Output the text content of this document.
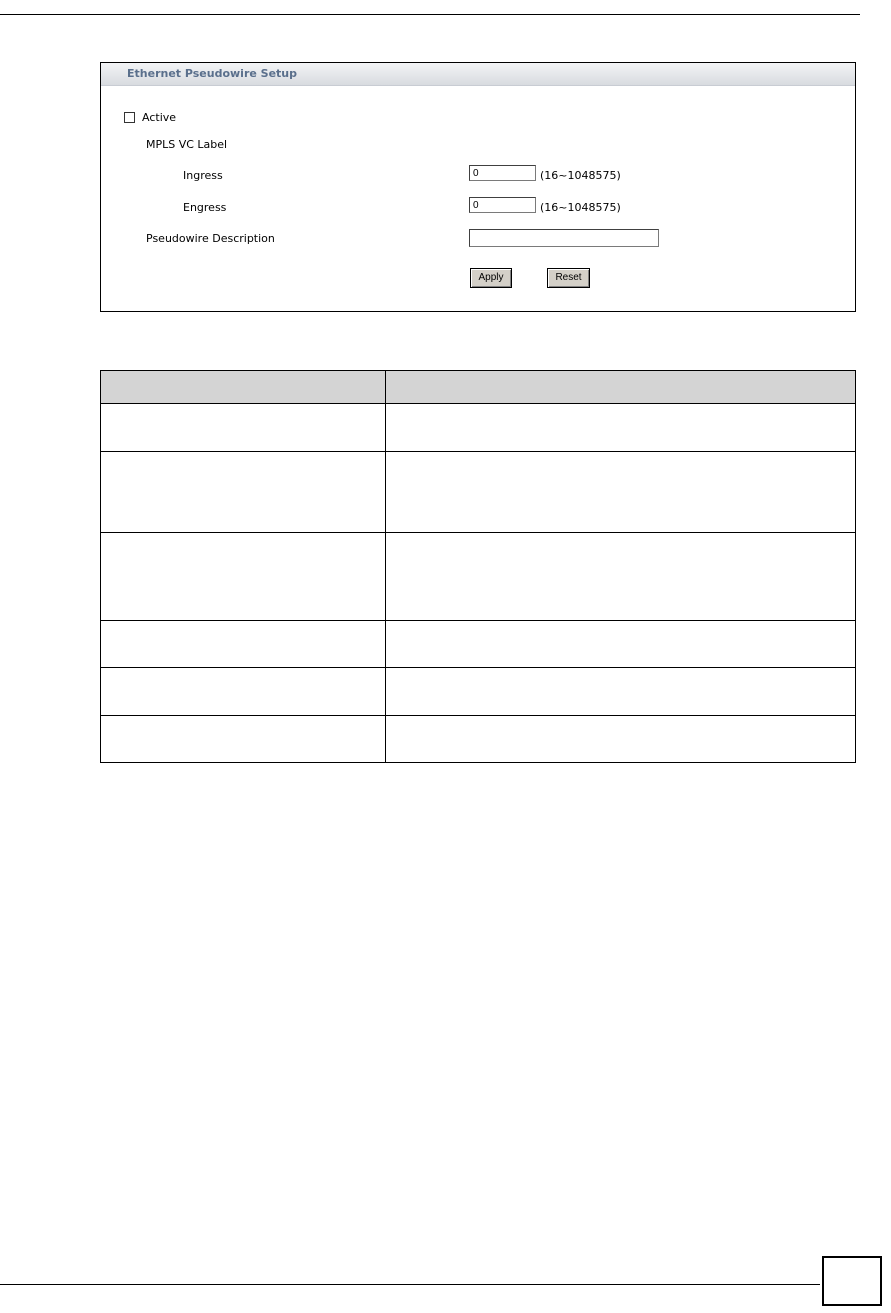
Ethernet Pseudowire Setup
Active
MPLS VC Label
Ingress
0	(16~1048575)
Engress
0	(16~1048575)
Pseudowire Description
Apply	Reset
